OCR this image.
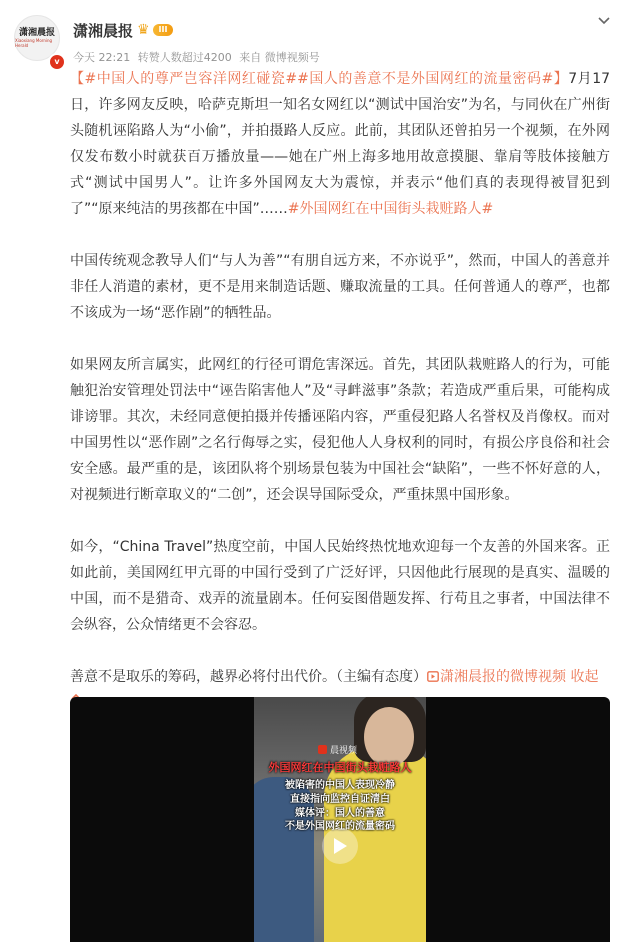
潇湘晨报
Xiaoxiang Morning Herald
v
潇湘晨报 ♛	III
今天 22:21 转赞人数超过4200 来自 微博视频号

【#中国人的尊严岂容洋网红碰瓷##国人的善意不是外国网红的流量密码#】7月17日，许多网友反映，哈萨克斯坦一知名女网红以“测试中国治安”为名，与同伙在广州街头随机诬陷路人为“小偷”，并拍摄路人反应。此前，其团队还曾拍另一个视频，在外网仅发布数小时就获百万播放量——她在广州上海多地用故意摸腿、靠肩等肢体接触方式“测试中国男人”。让许多外国网友大为震惊，并表示“他们真的表现得被冒犯到了”“原来纯洁的男孩都在中国”……#外国网红在中国街头栽赃路人#

中国传统观念教导人们“与人为善”“有朋自远方来，不亦说乎”，然而，中国人的善意并非任人消遣的素材，更不是用来制造话题、赚取流量的工具。任何普通人的尊严，也都不该成为一场“恶作剧”的牺牲品。

如果网友所言属实，此网红的行径可谓危害深远。首先，其团队栽赃路人的行为，可能触犯治安管理处罚法中“诬告陷害他人”及“寻衅滋事”条款；若造成严重后果，可能构成诽谤罪。其次，未经同意便拍摄并传播诬陷内容，严重侵犯路人名誉权及肖像权。而对中国男性以“恶作剧”之名行侮辱之实，侵犯他人人身权利的同时，有损公序良俗和社会安全感。最严重的是，该团队将个别场景包装为中国社会“缺陷”，一些不怀好意的人，对视频进行断章取义的“二创”，还会误导国际受众，严重抹黑中国形象。

如今，“China Travel”热度空前，中国人民始终热忱地欢迎每一个友善的外国来客。正如此前，美国网红甲亢哥的中国行受到了广泛好评，只因他此行展现的是真实、温暖的中国，而不是猎奇、戏弄的流量剧本。任何妄图借题发挥、行苟且之事者，中国法律不会纵容，公众情绪更不会容忍。

善意不是取乐的筹码，越界必将付出代价。（主编有态度） 潇湘晨报的微博视频 收起

晨视频
外国网红在中国街头栽赃路人
被陷害的中国人表现冷静
直接指向监控自证清白
媒体评：国人的善意
不是外国网红的流量密码
